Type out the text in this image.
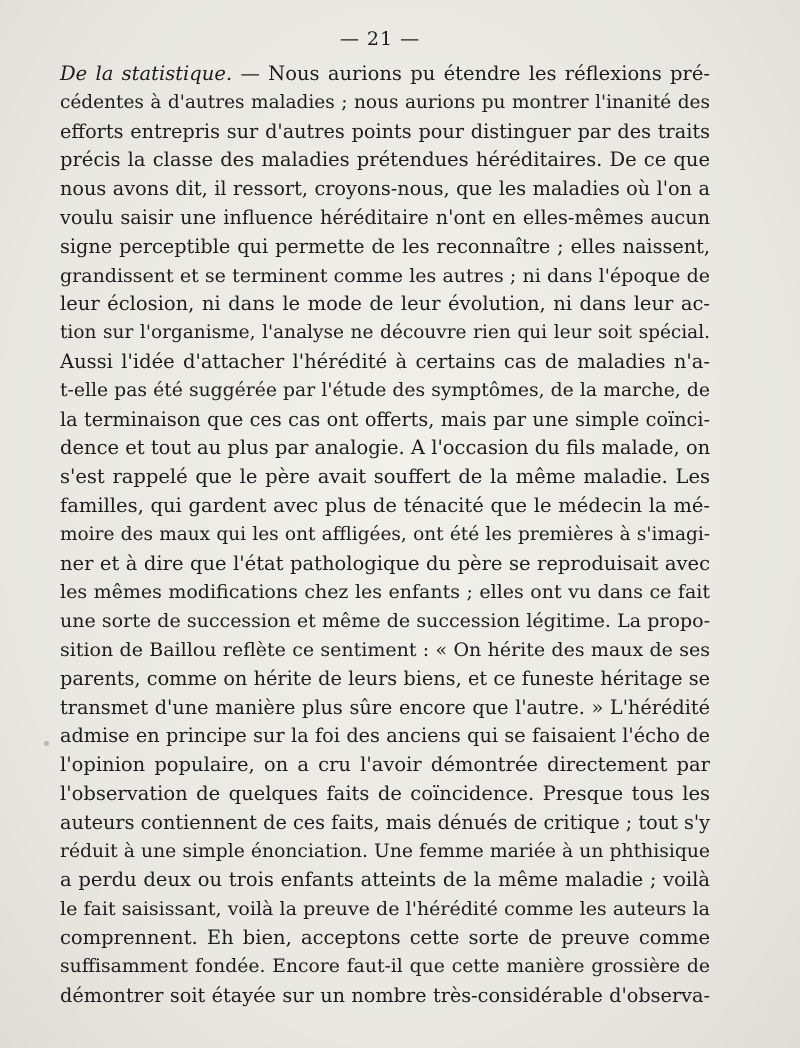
— 21 —
De la statistique. — Nous aurions pu étendre les réflexions pré-
cédentes à d'autres maladies ; nous aurions pu montrer l'inanité des
efforts entrepris sur d'autres points pour distinguer par des traits
précis la classe des maladies prétendues héréditaires. De ce que
nous avons dit, il ressort, croyons-nous, que les maladies où l'on a
voulu saisir une influence héréditaire n'ont en elles-mêmes aucun
signe perceptible qui permette de les reconnaître ; elles naissent,
grandissent et se terminent comme les autres ; ni dans l'époque de
leur éclosion, ni dans le mode de leur évolution, ni dans leur ac-
tion sur l'organisme, l'analyse ne découvre rien qui leur soit spécial.
Aussi l'idée d'attacher l'hérédité à certains cas de maladies n'a-
t-elle pas été suggérée par l'étude des symptômes, de la marche, de
la terminaison que ces cas ont offerts, mais par une simple coïnci-
dence et tout au plus par analogie. A l'occasion du fils malade, on
s'est rappelé que le père avait souffert de la même maladie. Les
familles, qui gardent avec plus de ténacité que le médecin la mé-
moire des maux qui les ont affligées, ont été les premières à s'imagi-
ner et à dire que l'état pathologique du père se reproduisait avec
les mêmes modifications chez les enfants ; elles ont vu dans ce fait
une sorte de succession et même de succession légitime. La propo-
sition de Baillou reflète ce sentiment : « On hérite des maux de ses
parents, comme on hérite de leurs biens, et ce funeste héritage se
transmet d'une manière plus sûre encore que l'autre. » L'hérédité
admise en principe sur la foi des anciens qui se faisaient l'écho de
l'opinion populaire, on a cru l'avoir démontrée directement par
l'observation de quelques faits de coïncidence. Presque tous les
auteurs contiennent de ces faits, mais dénués de critique ; tout s'y
réduit à une simple énonciation. Une femme mariée à un phthisique
a perdu deux ou trois enfants atteints de la même maladie ; voilà
le fait saisissant, voilà la preuve de l'hérédité comme les auteurs la
comprennent. Eh bien, acceptons cette sorte de preuve comme
suffisamment fondée. Encore faut-il que cette manière grossière de
démontrer soit étayée sur un nombre très-considérable d'observa-
